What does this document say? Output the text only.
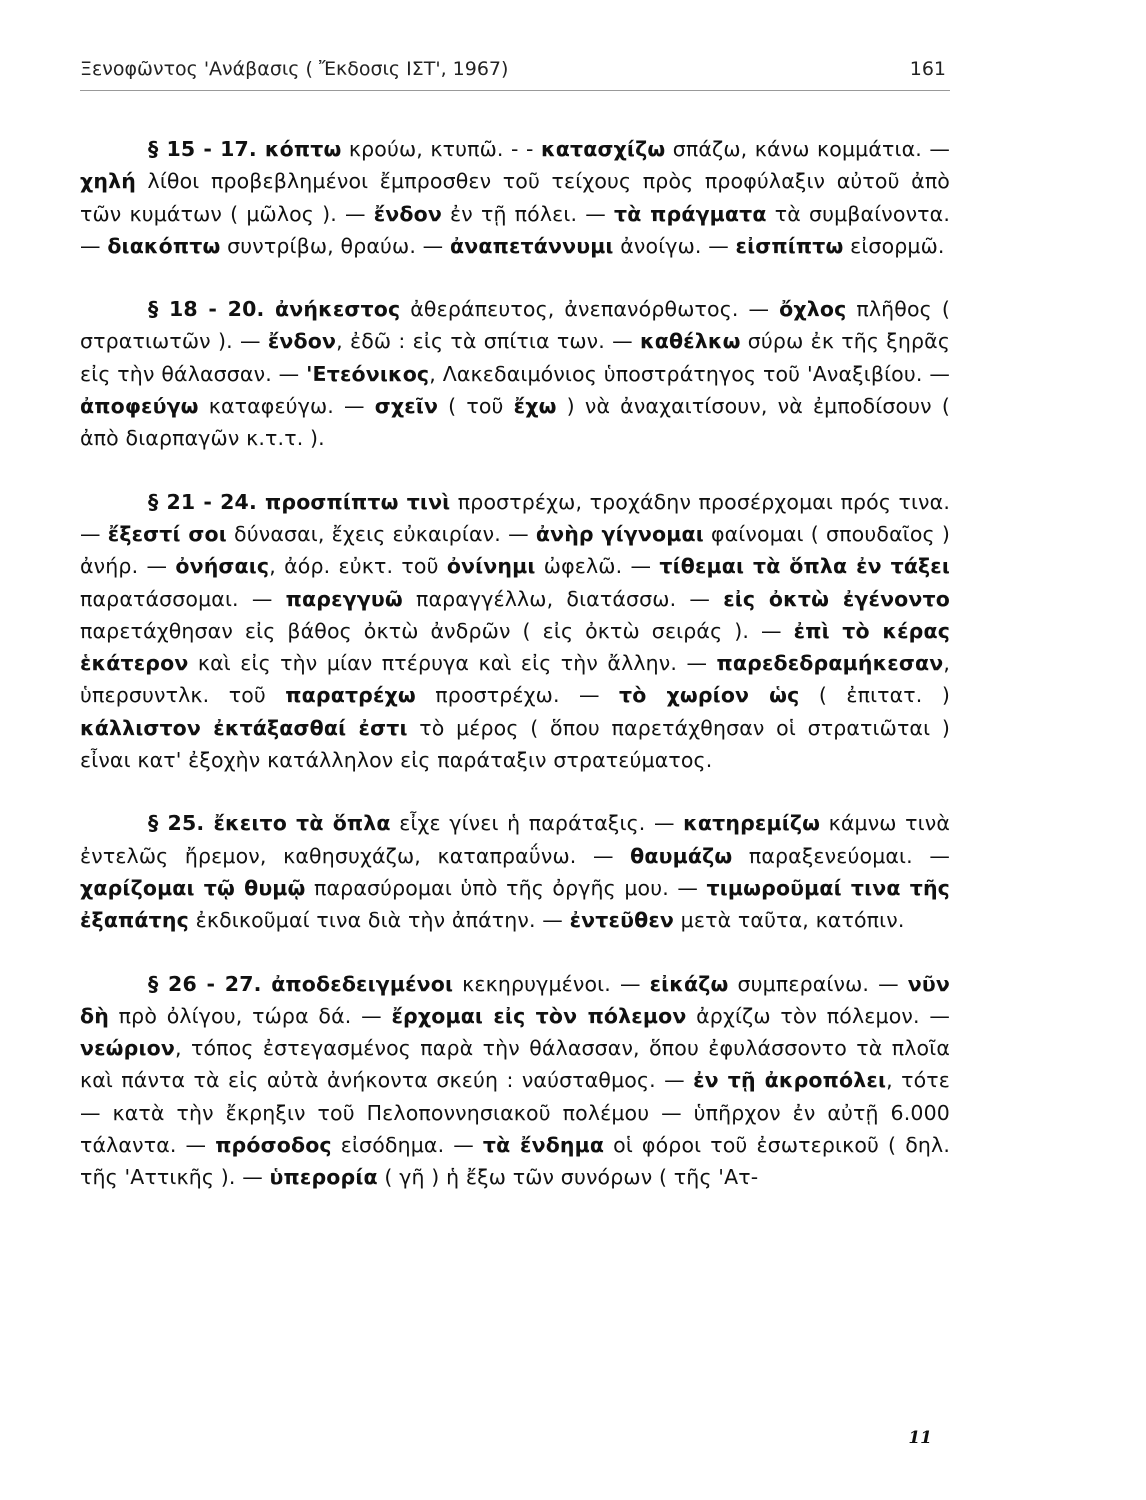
Ξενοφῶντος 'Ανάβασις ( Ἔκδοσις ΙΣΤ', 1967)	161

§ 15 - 17. κόπτω κρούω, κτυπῶ. - - κατασχίζω σπάζω, κάνω κομμάτια. — χηλή λίθοι προβεβλημένοι ἔμπροσθεν τοῦ τείχους πρὸς προφύλαξιν αὐτοῦ ἀπὸ τῶν κυμάτων ( μῶλος ). — ἔνδον ἐν τῇ πόλει. — τὰ πράγματα τὰ συμβαίνοντα. — διακόπτω συντρίβω, θραύω. — ἀναπετάννυμι ἀνοίγω. — εἰσπίπτω εἰσορμῶ.

§ 18 - 20. ἀνήκεστος ἀθεράπευτος, ἀνεπανόρθωτος. — ὄχλος πλῆθος ( στρατιωτῶν ). — ἔνδον, ἐδῶ : εἰς τὰ σπίτια των. — καθέλκω σύρω ἐκ τῆς ξηρᾶς εἰς τὴν θάλασσαν. — 'Ετεόνικος, Λακεδαιμόνιος ὑποστράτηγος τοῦ 'Αναξιβίου. — ἀποφεύγω καταφεύγω. — σχεῖν ( τοῦ ἔχω ) νὰ ἀναχαιτίσουν, νὰ ἐμποδίσουν ( ἀπὸ διαρπαγῶν κ.τ.τ. ).

§ 21 - 24. προσπίπτω τινὶ προστρέχω, τροχάδην προσέρχομαι πρός τινα. — ἔξεστί σοι δύνασαι, ἔχεις εὐκαιρίαν. — ἀνὴρ γίγνομαι φαίνομαι ( σπουδαῖος ) ἀνήρ. — ὀνήσαις, ἀόρ. εὐκτ. τοῦ ὀνίνημι ὠφελῶ. — τίθεμαι τὰ ὅπλα ἐν τάξει παρατάσσομαι. — παρεγγυῶ παραγγέλλω, διατάσσω. — εἰς ὀκτὼ ἐγένοντο παρετάχθησαν εἰς βάθος ὀκτὼ ἀνδρῶν ( εἰς ὀκτὼ σειράς ). — ἐπὶ τὸ κέρας ἑκάτερον καὶ εἰς τὴν μίαν πτέρυγα καὶ εἰς τὴν ἄλλην. — παρεδεδραμήκεσαν, ὑπερσυντλκ. τοῦ παρατρέχω προστρέχω. — τὸ χωρίον ὡς ( ἐπιτατ. ) κάλλιστον ἐκτάξασθαί ἐστι τὸ μέρος ( ὅπου παρετάχθησαν οἱ στρατιῶται ) εἶναι κατ' ἐξοχὴν κατάλληλον εἰς παράταξιν στρατεύματος.

§ 25. ἔκειτο τὰ ὅπλα εἶχε γίνει ἡ παράταξις. — κατηρεμίζω κάμνω τινὰ ἐντελῶς ἤρεμον, καθησυχάζω, καταπραΰνω. — θαυμάζω παραξενεύομαι. — χαρίζομαι τῷ θυμῷ παρασύρομαι ὑπὸ τῆς ὀργῆς μου. — τιμωροῦμαί τινα τῆς ἐξαπάτης ἐκδικοῦμαί τινα διὰ τὴν ἀπάτην. — ἐντεῦθεν μετὰ ταῦτα, κατόπιν.

§ 26 - 27. ἀποδεδειγμένοι κεκηρυγμένοι. — εἰκάζω συμπεραίνω. — νῦν δὴ πρὸ ὀλίγου, τώρα δά. — ἔρχομαι εἰς τὸν πόλεμον ἀρχίζω τὸν πόλεμον. — νεώριον, τόπος ἐστεγασμένος παρὰ τὴν θάλασσαν, ὅπου ἐφυλάσσοντο τὰ πλοῖα καὶ πάντα τὰ εἰς αὐτὰ ἀνήκοντα σκεύη : ναύσταθμος. — ἐν τῇ ἀκροπόλει, τότε — κατὰ τὴν ἔκρηξιν τοῦ Πελοποννησιακοῦ πολέμου — ὑπῆρχον ἐν αὐτῇ 6.000 τάλαντα. — πρόσοδος εἰσόδημα. — τὰ ἔνδημα οἱ φόροι τοῦ ἐσωτερικοῦ ( δηλ. τῆς 'Αττικῆς ). — ὑπερορία ( γῆ ) ἡ ἔξω τῶν συνόρων ( τῆς 'Ατ-

11
